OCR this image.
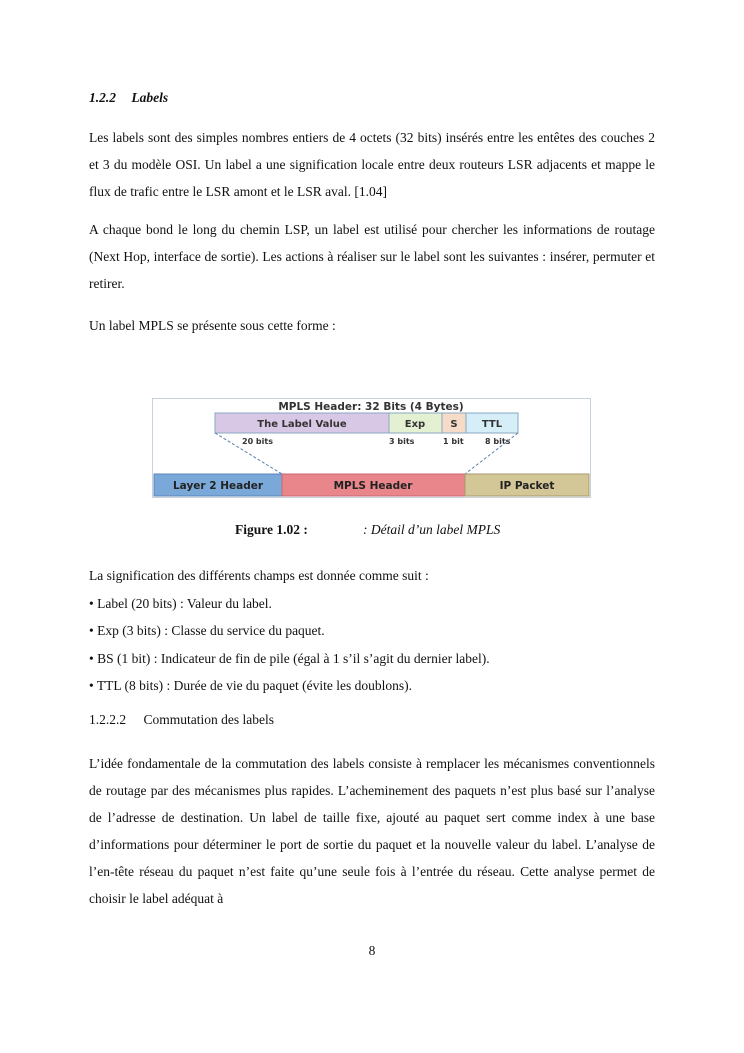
1.2.2 Labels
Les labels sont des simples nombres entiers de 4 octets (32 bits) insérés entre les entêtes des couches 2 et 3 du modèle OSI. Un label a une signification locale entre deux routeurs LSR adjacents et mappe le flux de trafic entre le LSR amont et le LSR aval. [1.04]
A chaque bond le long du chemin LSP, un label est utilisé pour chercher les informations de routage (Next Hop, interface de sortie). Les actions à réaliser sur le label sont les suivantes : insérer, permuter et retirer.
Un label MPLS se présente sous cette forme :
MPLS Header: 32 Bits (4 Bytes)
The Label Value	Exp	S TTL
20 bits	3 bits	1 bit	8 bits
Layer 2 Header	MPLS Header	IP Packet
Figure 1.02 :	: Détail d’un label MPLS
La signification des différents champs est donnée comme suit :
• Label (20 bits) : Valeur du label.
• Exp (3 bits) : Classe du service du paquet.
• BS (1 bit) : Indicateur de fin de pile (égal à 1 s’il s’agit du dernier label).
• TTL (8 bits) : Durée de vie du paquet (évite les doublons).
1.2.2.2 Commutation des labels
L’idée fondamentale de la commutation des labels consiste à remplacer les mécanismes conventionnels de routage par des mécanismes plus rapides. L’acheminement des paquets n’est plus basé sur l’analyse de l’adresse de destination. Un label de taille fixe, ajouté au paquet sert comme index à une base d’informations pour déterminer le port de sortie du paquet et la nouvelle valeur du label. L’analyse de l’en-tête réseau du paquet n’est faite qu’une seule fois à l’entrée du réseau. Cette analyse permet de choisir le label adéquat à
8
